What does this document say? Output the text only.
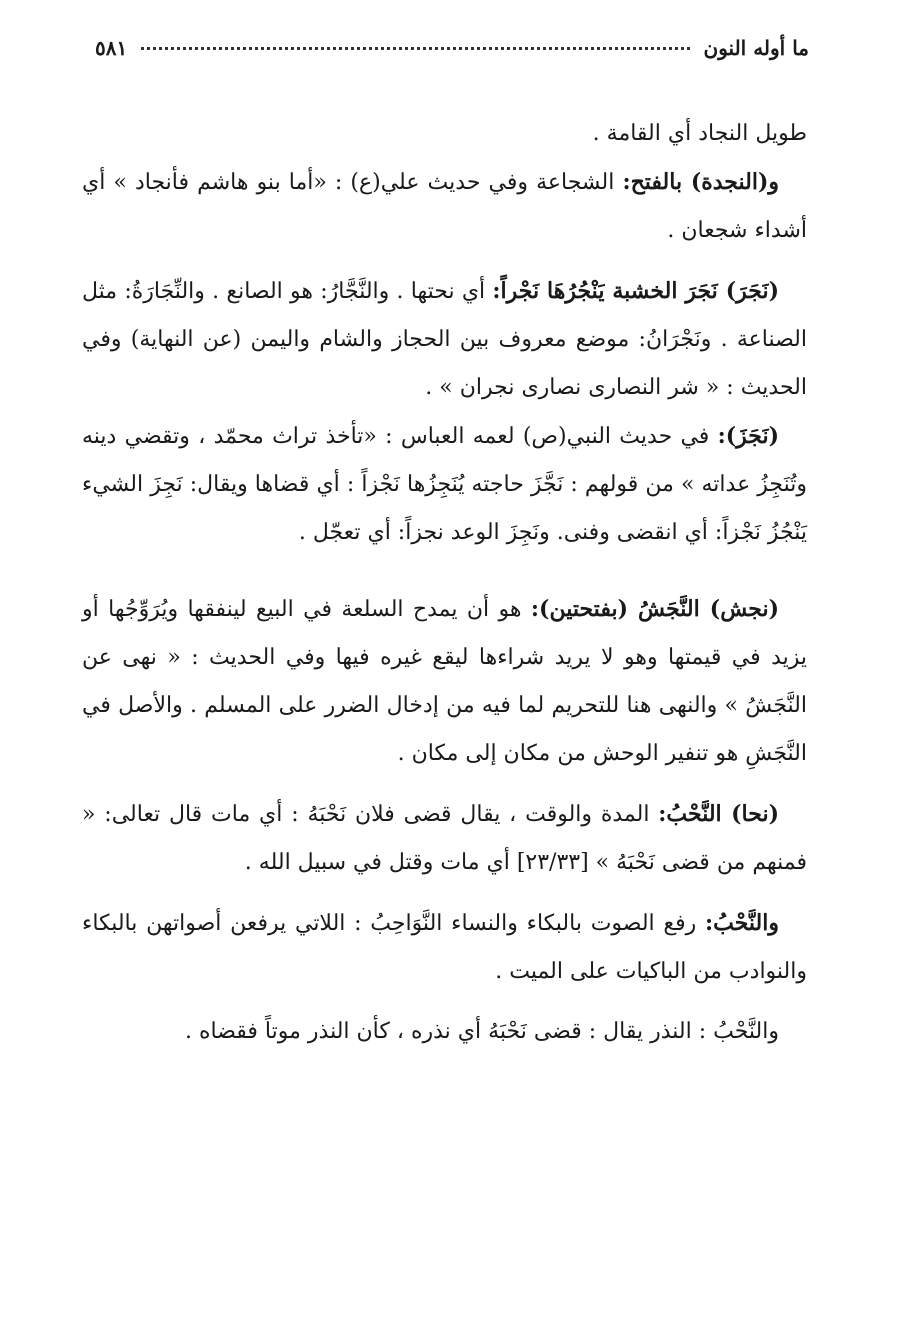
ما أوله النون
٥٨١

طويل النجاد أي القامة .

و(النجدة) بالفتح: الشجاعة وفي حديث علي(ع) : «أما بنو هاشم فأنجاد » أي أشداء شجعان .

(نَجَرَ) نَجَرَ الخشبة يَنْجُرُهَا نَجْراً: أي نحتها . والنَّجَّارُ: هو الصانع . والنِّجَارَةُ: مثل الصناعة . ونَجْرَانُ: موضع معروف بين الحجاز والشام واليمن (عن النهاية) وفي الحديث : « شر النصارى نصارى نجران » .

(نَجَزَ): في حديث النبي(ص) لعمه العباس : «تأخذ تراث محمّد ، وتقضي دينه وتُنَجِزُ عداته » من قولهم : نَجَّزَ حاجته يُنَجِزُها نَجْزاً : أي قضاها ويقال: نَجِزَ الشيء يَنْجُزُ نَجْزاً: أي انقضى وفنى. ونَجِزَ الوعد نجزاً: أي تعجّل .

(نجش) النَّجَشُ (بفتحتين): هو أن يمدح السلعة في البيع لينفقها ويُرَوِّجُها أو يزيد في قيمتها وهو لا يريد شراءها ليقع غيره فيها وفي الحديث : « نهى عن النَّجَشُ » والنهى هنا للتحريم لما فيه من إدخال الضرر على المسلم . والأصل في النَّجَشِ هو تنفير الوحش من مكان إلى مكان .

(نحا) النَّحْبُ: المدة والوقت ، يقال قضى فلان نَحْبَهُ : أي مات قال تعالى: « فمنهم من قضى نَحْبَهُ » [٢٣/٣٣] أي مات وقتل في سبيل الله .

والنَّحْبُ: رفع الصوت بالبكاء والنساء النَّوَاحِبُ : اللاتي يرفعن أصواتهن بالبكاء والنوادب من الباكيات على الميت .

والنَّحْبُ : النذر يقال : قضى نَحْبَهُ أي نذره ، كأن النذر موتاً فقضاه .
